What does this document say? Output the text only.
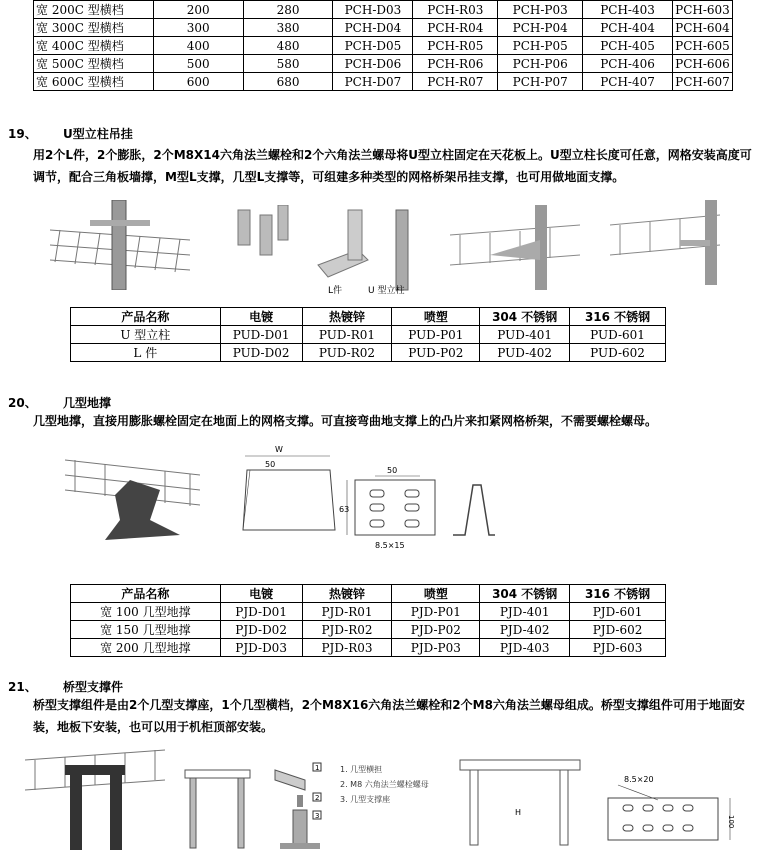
宽 200C 型横档	200	280	PCH-D03	PCH-R03	PCH-P03	PCH-403	PCH-603
宽 300C 型横档	300	380	PCH-D04	PCH-R04	PCH-P04	PCH-404	PCH-604
宽 400C 型横档	400	480	PCH-D05	PCH-R05	PCH-P05	PCH-405	PCH-605
宽 500C 型横档	500	580	PCH-D06	PCH-R06	PCH-P06	PCH-406	PCH-606
宽 600C 型横档	600	680	PCH-D07	PCH-R07	PCH-P07	PCH-407	PCH-607
19、 U型立柱吊挂
用2个L件，2个膨胀，2个M8X14六角法兰螺栓和2个六角法兰螺母将U型立柱固定在天花板上。U型立柱长度可任意，网格安装高度可调节，配合三角板墙撑，M型L支撑，几型L支撑等，可组建多种类型的网格桥架吊挂支撑，也可用做地面支撑。
L件	U 型立柱
产品名称	电镀	热镀锌	喷塑	304 不锈钢	316 不锈钢
U 型立柱	PUD-D01	PUD-R01	PUD-P01	PUD-401	PUD-601
L 件	PUD-D02	PUD-R02	PUD-P02	PUD-402	PUD-602
20、 几型地撑
几型地撑，直接用膨胀螺栓固定在地面上的网格支撑。可直接弯曲地支撑上的凸片来扣紧网格桥架，不需要螺栓螺母。
W
50
50
63
8.5×15
产品名称	电镀	热镀锌	喷塑	304 不锈钢	316 不锈钢
宽 100 几型地撑	PJD-D01	PJD-R01	PJD-P01	PJD-401	PJD-601
宽 150 几型地撑	PJD-D02	PJD-R02	PJD-P02	PJD-402	PJD-602
宽 200 几型地撑	PJD-D03	PJD-R03	PJD-P03	PJD-403	PJD-603
21、 桥型支撑件
桥型支撑组件是由2个几型支撑座，1个几型横档，2个M8X16六角法兰螺栓和2个M8六角法兰螺母组成。桥型支撑组件可用于地面安装，地板下安装，也可以用于机柜顶部安装。
1
2
3
1. 几型横担
2. M8 六角法兰螺栓螺母
3. 几型支撑座
H
8.5×20
100
